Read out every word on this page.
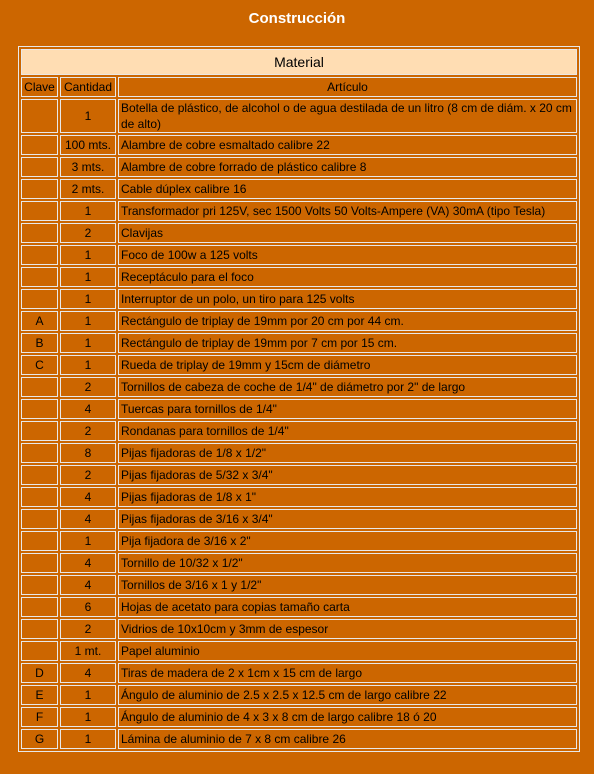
Construcción
Material		
Clave	Cantidad	Artículo
	1	Botella de plástico, de alcohol o de agua destilada de un litro (8 cm de diám. x 20 cm de alto)
	100 mts.	Alambre de cobre esmaltado calibre 22
	3 mts.	Alambre de cobre forrado de plástico calibre 8
	2 mts.	Cable dúplex calibre 16
	1	Transformador pri 125V, sec 1500 Volts 50 Volts-Ampere (VA) 30mA (tipo Tesla)
	2	Clavijas
	1	Foco de 100w a 125 volts
	1	Receptáculo para el foco
	1	Interruptor de un polo, un tiro para 125 volts
A	1	Rectángulo de triplay de 19mm por 20 cm por 44 cm.
B	1	Rectángulo de triplay de 19mm por 7 cm por 15 cm.
C	1	Rueda de triplay de 19mm y 15cm de diámetro
	2	Tornillos de cabeza de coche de 1/4" de diámetro por 2" de largo
	4	Tuercas para tornillos de 1/4"
	2	Rondanas para tornillos de 1/4"
	8	Pijas fijadoras de 1/8 x 1/2"
	2	Pijas fijadoras de 5/32 x 3/4"
	4	Pijas fijadoras de 1/8 x 1"
	4	Pijas fijadoras de 3/16 x 3/4"
	1	Pija fijadora de 3/16 x 2"
	4	Tornillo de 10/32 x 1/2"
	4	Tornillos de 3/16 x 1 y 1/2"
	6	Hojas de acetato para copias tamaño carta
	2	Vidrios de 10x10cm y 3mm de espesor
	1 mt.	Papel aluminio
D	4	Tiras de madera de 2 x 1cm x 15 cm de largo
E	1	Ángulo de aluminio de 2.5 x 2.5 x 12.5 cm de largo calibre 22
F	1	Ángulo de aluminio de 4 x 3 x 8 cm de largo calibre 18 ó 20
G	1	Lámina de aluminio de 7 x 8 cm calibre 26
